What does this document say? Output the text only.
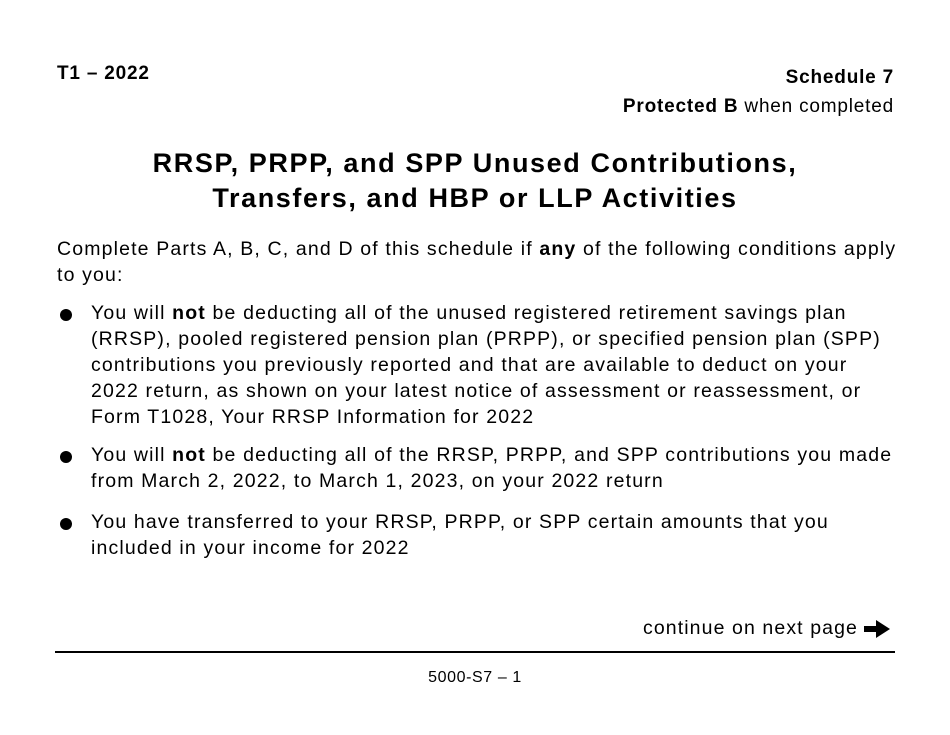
T1 – 2022	Schedule 7
Protected B when completed
RRSP, PRPP, and SPP Unused Contributions,
Transfers, and HBP or LLP Activities
Complete Parts A, B, C, and D of this schedule if any of the following conditions apply to you:
You will not be deducting all of the unused registered retirement savings plan (RRSP), pooled registered pension plan (PRPP), or specified pension plan (SPP) contributions you previously reported and that are available to deduct on your 2022 return, as shown on your latest notice of assessment or reassessment, or Form T1028, Your RRSP Information for 2022
You will not be deducting all of the RRSP, PRPP, and SPP contributions you made from March 2, 2022, to March 1, 2023, on your 2022 return
You have transferred to your RRSP, PRPP, or SPP certain amounts that you included in your income for 2022
continue on next page
5000-S7 – 1
